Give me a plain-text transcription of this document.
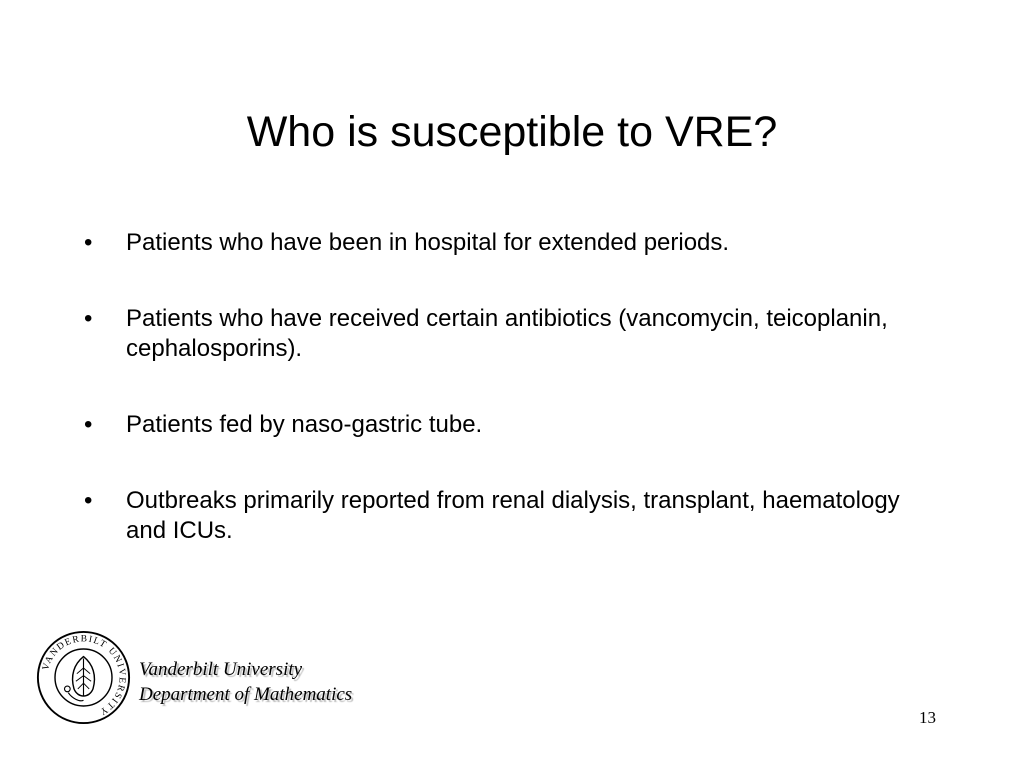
Who is susceptible to VRE?
•	Patients who have been in hospital for extended periods.
•	Patients who have received certain antibiotics (vancomycin, teicoplanin, cephalosporins).
•	Patients fed by naso-gastric tube.
•	Outbreaks primarily reported from renal dialysis, transplant, haematology and ICUs.
VANDERBILT UNIVERSITY
Vanderbilt University
Department of Mathematics
13
